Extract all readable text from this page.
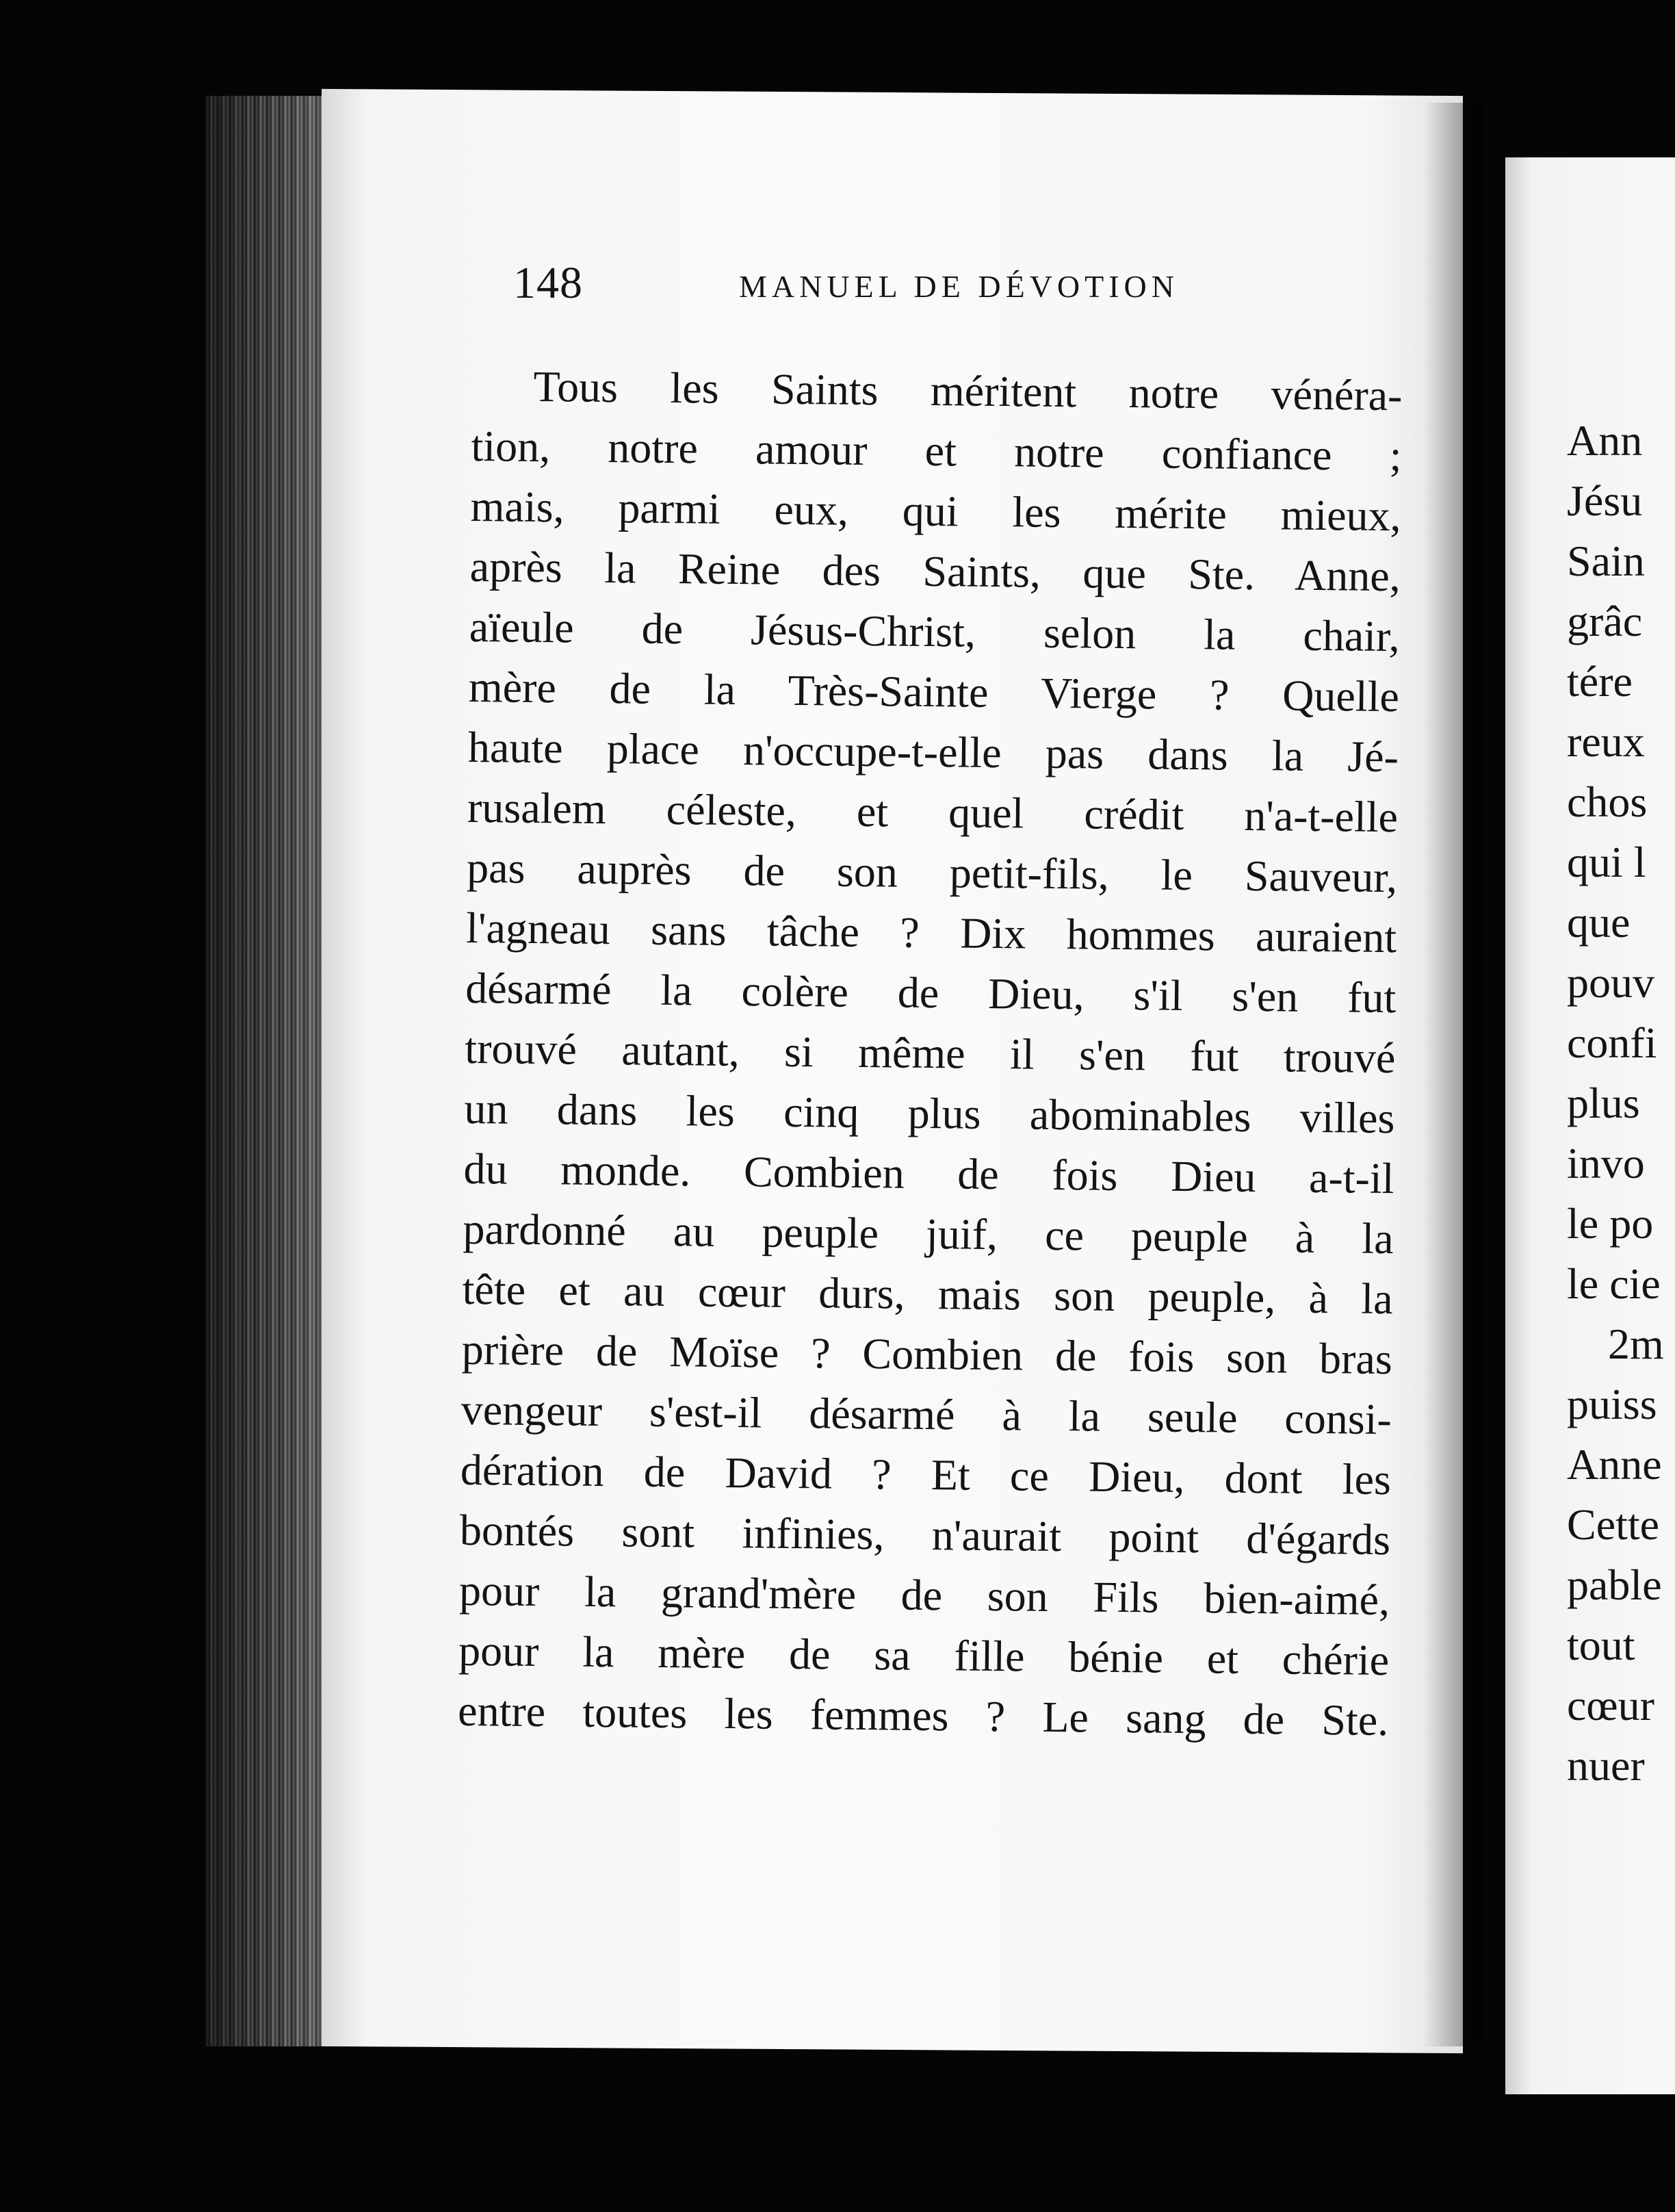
148	MANUEL DE DÉVOTION
Tous les Saints méritent notre vénéra-
tion, notre amour et notre confiance ;
mais, parmi eux, qui les mérite mieux,
après la Reine des Saints, que Ste. Anne,
aïeule de Jésus-Christ, selon la chair,
mère de la Très-Sainte Vierge ? Quelle
haute place n'occupe-t-elle pas dans la Jé-
rusalem céleste, et quel crédit n'a-t-elle
pas auprès de son petit-fils, le Sauveur,
l'agneau sans tâche ? Dix hommes auraient
désarmé la colère de Dieu, s'il s'en fut
trouvé autant, si même il s'en fut trouvé
un dans les cinq plus abominables villes
du monde. Combien de fois Dieu a-t-il
pardonné au peuple juif, ce peuple à la
tête et au cœur durs, mais son peuple, à la
prière de Moïse ? Combien de fois son bras
vengeur s'est-il désarmé à la seule consi-
dération de David ? Et ce Dieu, dont les
bontés sont infinies, n'aurait point d'égards
pour la grand'mère de son Fils bien-aimé,
pour la mère de sa fille bénie et chérie
entre toutes les femmes ? Le sang de Ste.
Ann
Jésu
Sain
grâc
tére
reux
chos
qui l
que
pouv
confi
plus
invo
le po
le cie
2m
puiss
Anne
Cette
pable
tout
cœur
nuer
